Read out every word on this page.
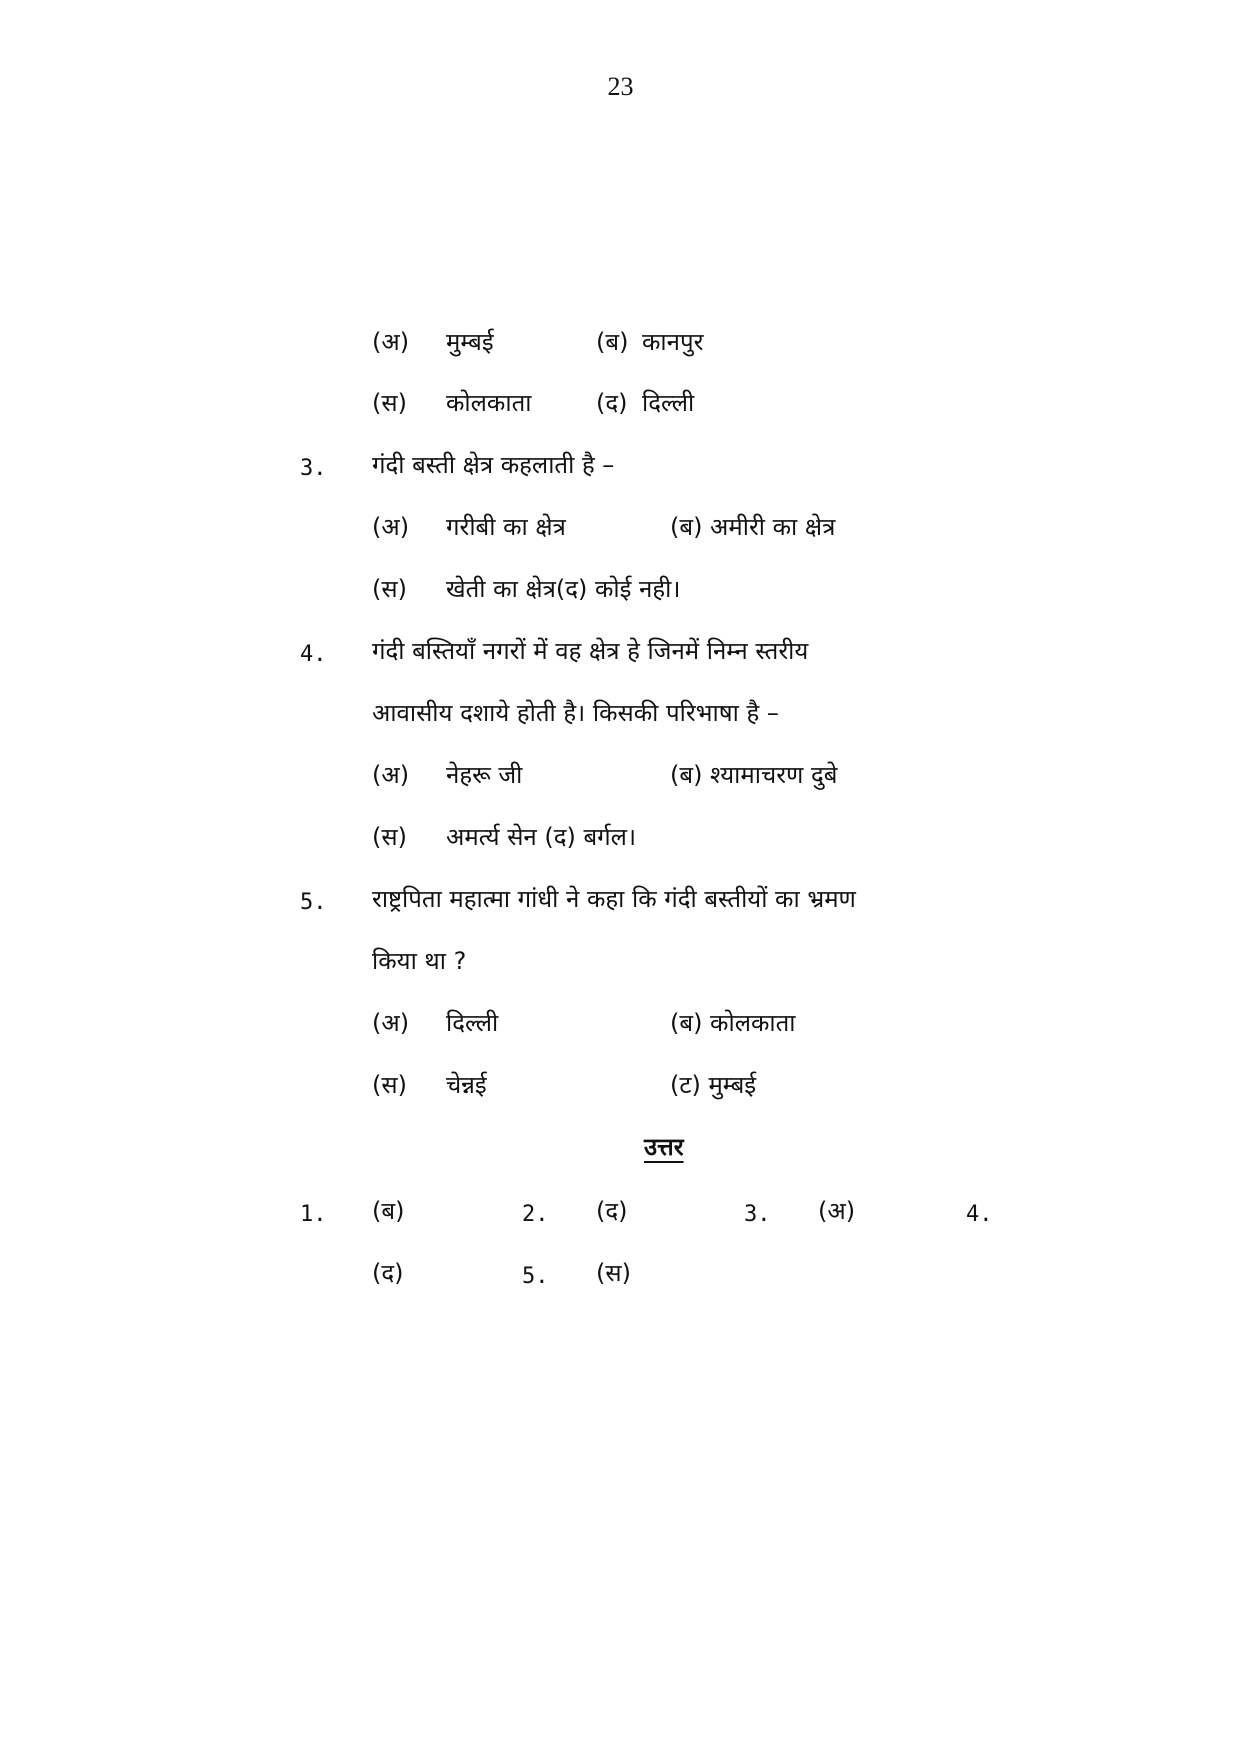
23
(अ) मुम्बई	(ब) कानपुर
(स) कोलकाता	(द) दिल्ली
3. गंदी बस्ती क्षेत्र कहलाती है –
(अ) गरीबी का क्षेत्र	(ब) अमीरी का क्षेत्र
(स) खेती का क्षेत्र(द) कोई नही।
4. गंदी बस्तियाँ नगरों में वह क्षेत्र हे जिनमें निम्न स्तरीय
आवासीय दशाये होती है। किसकी परिभाषा है –
(अ) नेहरू जी	(ब) श्यामाचरण दुबे
(स) अमर्त्य सेन (द) बर्गल।
5. राष्ट्रपिता महात्मा गांधी ने कहा कि गंदी बस्तीयों का भ्रमण
किया था ?
(अ) दिल्ली	(ब) कोलकाता
(स) चेन्नई	(ट) मुम्बई
उत्तर
1. (ब)	2. (द)	3. (अ)	4.
(द)	5. (स)
